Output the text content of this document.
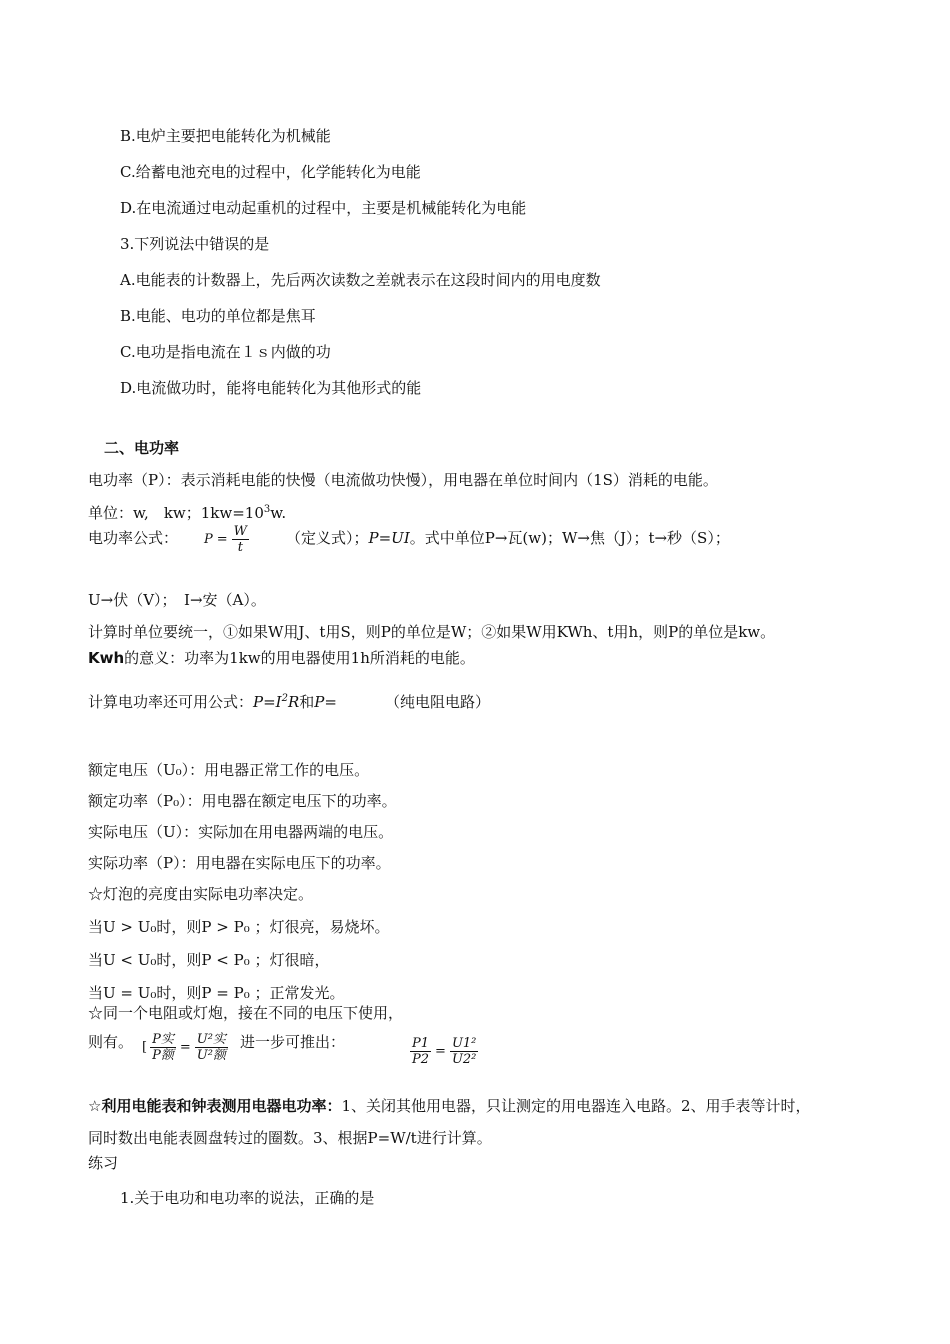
B.电炉主要把电能转化为机械能
C.给蓄电池充电的过程中，化学能转化为电能
D.在电流通过电动起重机的过程中，主要是机械能转化为电能
3.下列说法中错误的是
A.电能表的计数器上，先后两次读数之差就表示在这段时间内的用电度数
B.电能、电功的单位都是焦耳
C.电功是指电流在１ｓ内做的功
D.电流做功时，能将电能转化为其他形式的能
二、电功率
电功率（P）：表示消耗电能的快慢（电流做功快慢），用电器在单位时间内（1S）消耗的电能。
单位：w,　kw；$1kw=10^3w$.
电功率公式： $P = \frac{W}{t}$ （定义式）；P=UI。式中单位P→瓦(w)；W→焦（J）；t→秒（S）；
U→伏（V）；　I→安（A）。
计算时单位要统一，①如果W用J、t用S，则P的单位是W；②如果W用KWh、t用h，则P的单位是kw。
Kwh的意义：功率为1kw的用电器使用1h所消耗的电能。
计算电功率还可用公式：$P=I^2R$和P=	（纯电阻电路）
额定电压（U₀）：用电器正常工作的电压。
额定功率（P₀）：用电器在额定电压下的功率。
实际电压（U）：实际加在用电器两端的电压。
实际功率（P）：用电器在实际电压下的功率。
☆灯泡的亮度由实际电功率决定。
当U > U₀时，则P > P₀ ；灯很亮，易烧坏。
当U < U₀时，则P < P₀ ；灯很暗，
当U = U₀时，则P = P₀ ；正常发光。
☆同一个电阻或灯炮，接在不同的电压下使用，
则有。 [ $\frac{\text{P实}}{\text{P额}} = \frac{\text{U²实}}{\text{U²额}}$ 进一步可推出：	$\frac{P1}{P2} = \frac{\text{U1²}}{\text{U2²}}$
☆利用电能表和钟表测用电器电功率：1、关闭其他用电器，只让测定的用电器连入电路。2、用手表等计时，
同时数出电能表圆盘转过的圈数。3、根据P=W/t进行计算。
练习
1.关于电功和电功率的说法，正确的是
